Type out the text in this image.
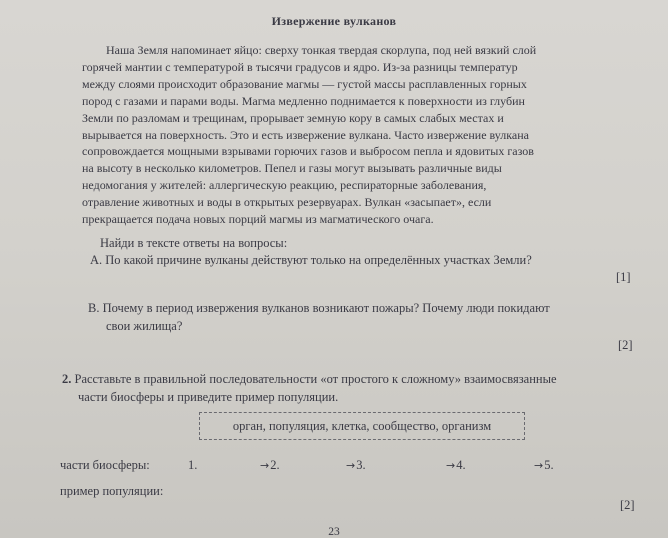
Извержение вулканов
Наша Земля напоминает яйцо: сверху тонкая твердая скорлупа, под ней вязкий слой
горячей мантии с температурой в тысячи градусов и ядро. Из-за разницы температур
между слоями происходит образование магмы — густой массы расплавленных горных
пород с газами и парами воды. Магма медленно поднимается к поверхности из глубин
Земли по разломам и трещинам, прорывает земную кору в самых слабых местах и
вырывается на поверхность. Это и есть извержение вулкана. Часто извержение вулкана
сопровождается мощными взрывами горючих газов и выбросом пепла и ядовитых газов
на высоту в несколько километров. Пепел и газы могут вызывать различные виды
недомогания у жителей: аллергическую реакцию, респираторные заболевания,
отравление животных и воды в открытых резервуарах. Вулкан «засыпает», если
прекращается подача новых порций магмы из магматического очага.
Найди в тексте ответы на вопросы:
А. По какой причине вулканы действуют только на определённых участках Земли?
[1]
В. Почему в период извержения вулканов возникают пожары? Почему люди покидают
свои жилища?
[2]
2. Расставьте в правильной последовательности «от простого к сложному» взаимосвязанные
части биосферы и приведите пример популяции.
орган, популяция, клетка, сообщество, организм
части биосферы:	1.	→2.	→3.	→4.	→5.
пример популяции:
[2]
23
